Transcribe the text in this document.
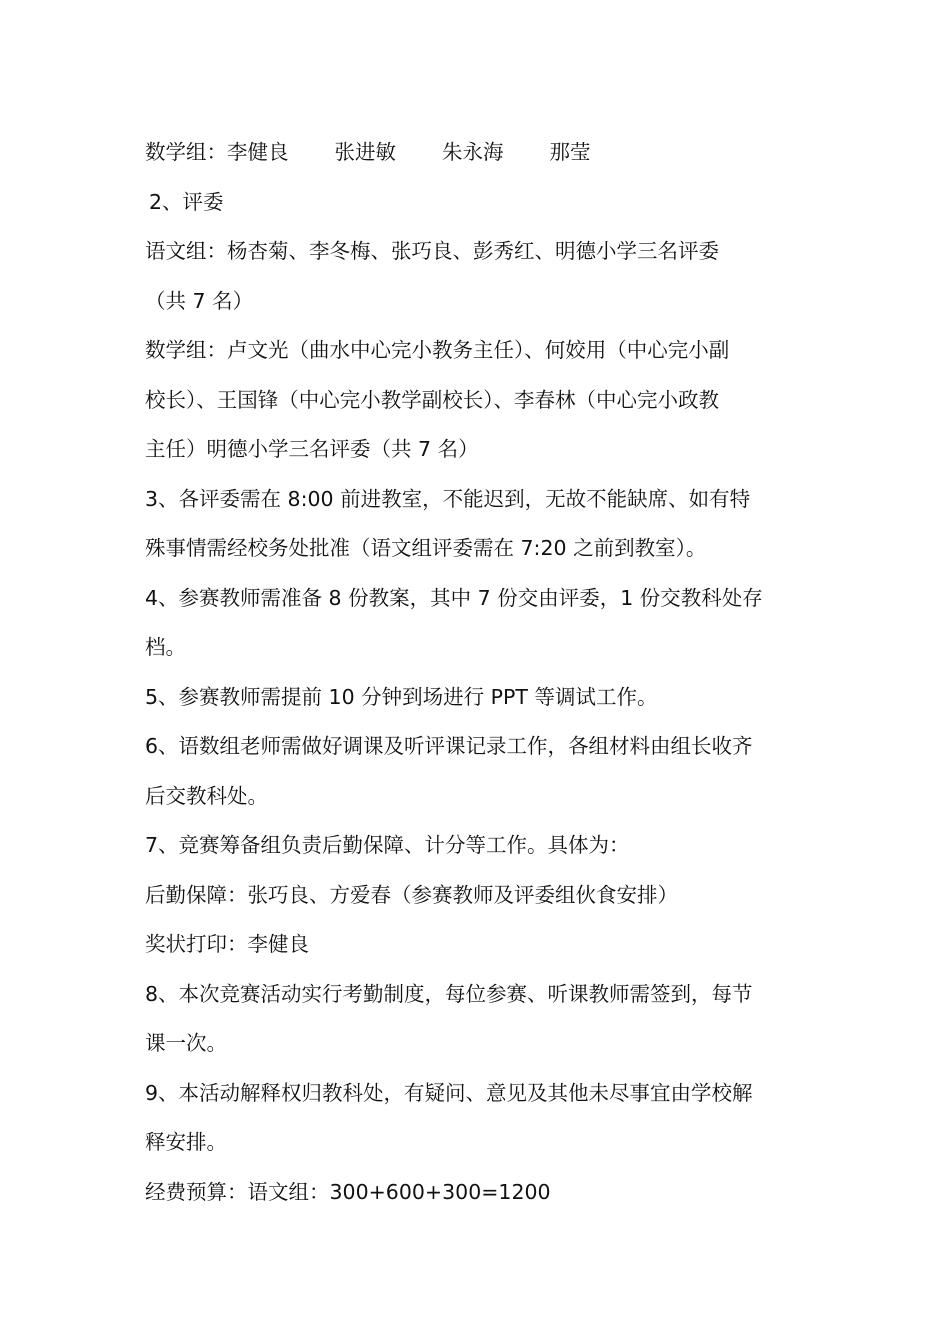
数学组：李健良 张进敏 朱永海 那莹
2、评委
语文组：杨杏菊、李冬梅、张巧良、彭秀红、明德小学三名评委
（共 7 名）
数学组：卢文光（曲水中心完小教务主任）、何姣用（中心完小副
校长）、王国锋（中心完小教学副校长）、李春林（中心完小政教
主任）明德小学三名评委（共 7 名）
3、各评委需在 8:00 前进教室，不能迟到，无故不能缺席、如有特
殊事情需经校务处批准（语文组评委需在 7:20 之前到教室）。
4、参赛教师需准备 8 份教案，其中 7 份交由评委，1 份交教科处存
档。
5、参赛教师需提前 10 分钟到场进行 PPT 等调试工作。
6、语数组老师需做好调课及听评课记录工作，各组材料由组长收齐
后交教科处。
7、竞赛筹备组负责后勤保障、计分等工作。具体为：
后勤保障：张巧良、方爱春（参赛教师及评委组伙食安排）
奖状打印：李健良
8、本次竞赛活动实行考勤制度，每位参赛、听课教师需签到，每节
课一次。
9、本活动解释权归教科处，有疑问、意见及其他未尽事宜由学校解
释安排。
经费预算：语文组：300+600+300=1200
